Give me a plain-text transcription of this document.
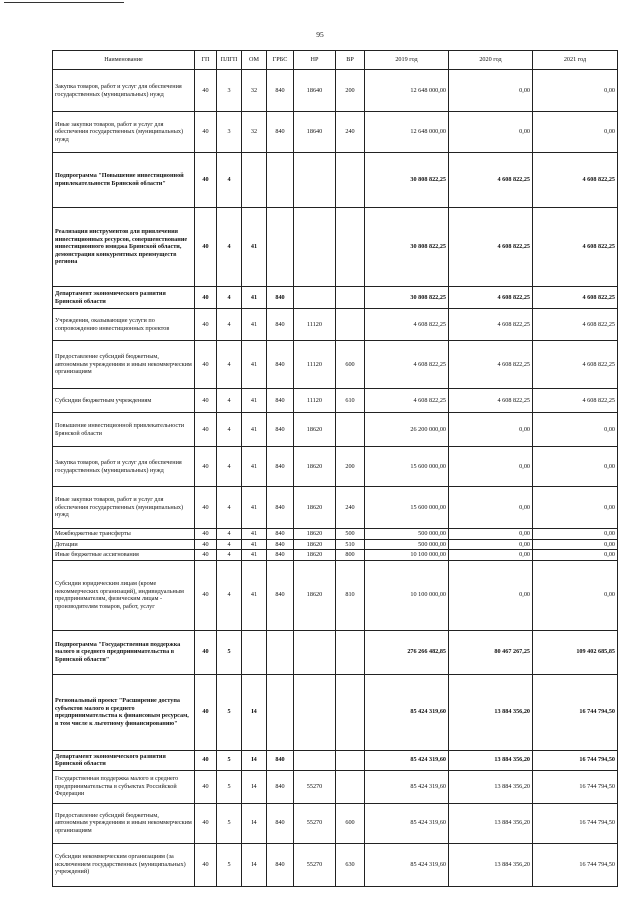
95
Наименование	ГП	ПЛГП	ОМ	ГРБС	НР	ВР	2019 год	2020 год	2021 год
Закупка товаров, работ и услуг для обеспечения государственных (муниципальных) нужд	40	3	32	840	18640	200	12 648 000,00	0,00	0,00
Иные закупки товаров, работ и услуг для обеспечения государственных (муниципальных) нужд	40	3	32	840	18640	240	12 648 000,00	0,00	0,00
Подпрограмма "Повышение инвестиционной привлекательности Брянской области"	40	4					30 808 822,25	4 608 822,25	4 608 822,25
Реализация инструментов для привлечения инвестиционных ресурсов, совершенствование инвестиционного имиджа Брянской области, демонстрация конкурентных преимуществ региона	40	4	41				30 808 822,25	4 608 822,25	4 608 822,25
Департамент экономического развития Брянской области	40	4	41	840			30 808 822,25	4 608 822,25	4 608 822,25
Учреждения, оказывающие услуги по сопровождению инвестиционных проектов	40	4	41	840	11120		4 608 822,25	4 608 822,25	4 608 822,25
Предоставление субсидий бюджетным, автономным учреждениям и иным некоммерческим организациям	40	4	41	840	11120	600	4 608 822,25	4 608 822,25	4 608 822,25
Субсидии бюджетным учреждениям	40	4	41	840	11120	610	4 608 822,25	4 608 822,25	4 608 822,25
Повышение инвестиционной привлекательности Брянской области	40	4	41	840	18620		26 200 000,00	0,00	0,00
Закупка товаров, работ и услуг для обеспечения государственных (муниципальных) нужд	40	4	41	840	18620	200	15 600 000,00	0,00	0,00
Иные закупки товаров, работ и услуг для обеспечения государственных (муниципальных) нужд	40	4	41	840	18620	240	15 600 000,00	0,00	0,00
Межбюджетные трансферты	40	4	41	840	18620	500	500 000,00	0,00	0,00
Дотации	40	4	41	840	18620	510	500 000,00	0,00	0,00
Иные бюджетные ассигнования	40	4	41	840	18620	800	10 100 000,00	0,00	0,00
Субсидии юридическим лицам (кроме некоммерческих организаций), индивидуальным предпринимателям, физическим лицам - производителям товаров, работ, услуг	40	4	41	840	18620	810	10 100 000,00	0,00	0,00
Подпрограмма "Государственная поддержка малого и среднего предпринимательства в Брянской области"	40	5					276 266 482,85	80 467 267,25	109 402 685,85
Региональный проект "Расширение доступа субъектов малого и среднего предпринимательства к финансовым ресурсам, в том числе к льготному финансированию"	40	5	I4				85 424 319,60	13 884 356,20	16 744 794,50
Департамент экономического развития Брянской области	40	5	I4	840			85 424 319,60	13 884 356,20	16 744 794,50
Государственная поддержка малого и среднего предпринимательства в субъектах Российской Федерации	40	5	I4	840	55270		85 424 319,60	13 884 356,20	16 744 794,50
Предоставление субсидий бюджетным, автономным учреждениям и иным некоммерческим организациям	40	5	I4	840	55270	600	85 424 319,60	13 884 356,20	16 744 794,50
Субсидии некоммерческим организациям (за исключением государственных (муниципальных) учреждений)	40	5	I4	840	55270	630	85 424 319,60	13 884 356,20	16 744 794,50
